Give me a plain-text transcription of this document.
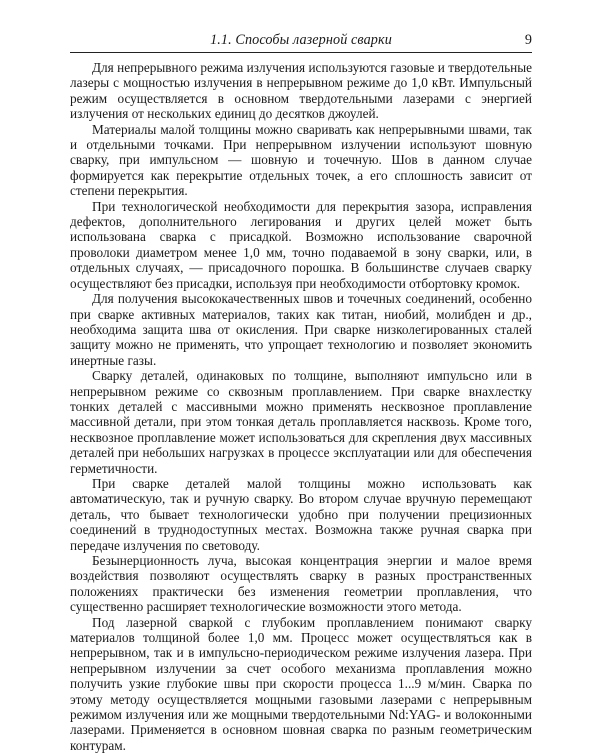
1.1. Способы лазерной сварки	9

Для непрерывного режима излучения используются газовые и твердотельные лазеры с мощностью излучения в непрерывном режиме до 1,0 кВт. Импульсный режим осуществляется в основном твердотельными лазерами с энергией излучения от нескольких единиц до десятков джоулей.

Материалы малой толщины можно сваривать как непрерывными швами, так и отдельными точками. При непрерывном излучении используют шовную сварку, при импульсном — шовную и точечную. Шов в данном случае формируется как перекрытие отдельных точек, а его сплошность зависит от степени перекрытия.

При технологической необходимости для перекрытия зазора, исправления дефектов, дополнительного легирования и других целей может быть использована сварка с присадкой. Возможно использование сварочной проволоки диаметром менее 1,0 мм, точно подаваемой в зону сварки, или, в отдельных случаях, — присадочного порошка. В большинстве случаев сварку осуществляют без присадки, используя при необходимости отбортовку кромок.

Для получения высококачественных швов и точечных соединений, особенно при сварке активных материалов, таких как титан, ниобий, молибден и др., необходима защита шва от окисления. При сварке низколегированных сталей защиту можно не применять, что упрощает технологию и позволяет экономить инертные газы.

Сварку деталей, одинаковых по толщине, выполняют импульсно или в непрерывном режиме со сквозным проплавлением. При сварке внахлестку тонких деталей с массивными можно применять несквозное проплавление массивной детали, при этом тонкая деталь проплавляется насквозь. Кроме того, несквозное проплавление может использоваться для скрепления двух массивных деталей при небольших нагрузках в процессе эксплуатации или для обеспечения герметичности.

При сварке деталей малой толщины можно использовать как автоматическую, так и ручную сварку. Во втором случае вручную перемещают деталь, что бывает технологически удобно при получении прецизионных соединений в труднодоступных местах. Возможна также ручная сварка при передаче излучения по световоду.

Безынерционность луча, высокая концентрация энергии и малое время воздействия позволяют осуществлять сварку в разных пространственных положениях практически без изменения геометрии проплавления, что существенно расширяет технологические возможности этого метода.

Под лазерной сваркой с глубоким проплавлением понимают сварку материалов толщиной более 1,0 мм. Процесс может осуществляться как в непрерывном, так и в импульсно-периодическом режиме излучения лазера. При непрерывном излучении за счет особого механизма проплавления можно получить узкие глубокие швы при скорости процесса 1...9 м/мин. Сварка по этому методу осуществляется мощными газовыми лазерами с непрерывным режимом излучения или же мощными твердотельными Nd:YAG- и волоконными лазерами. Применяется в основном шовная сварка по разным геометрическим контурам.
